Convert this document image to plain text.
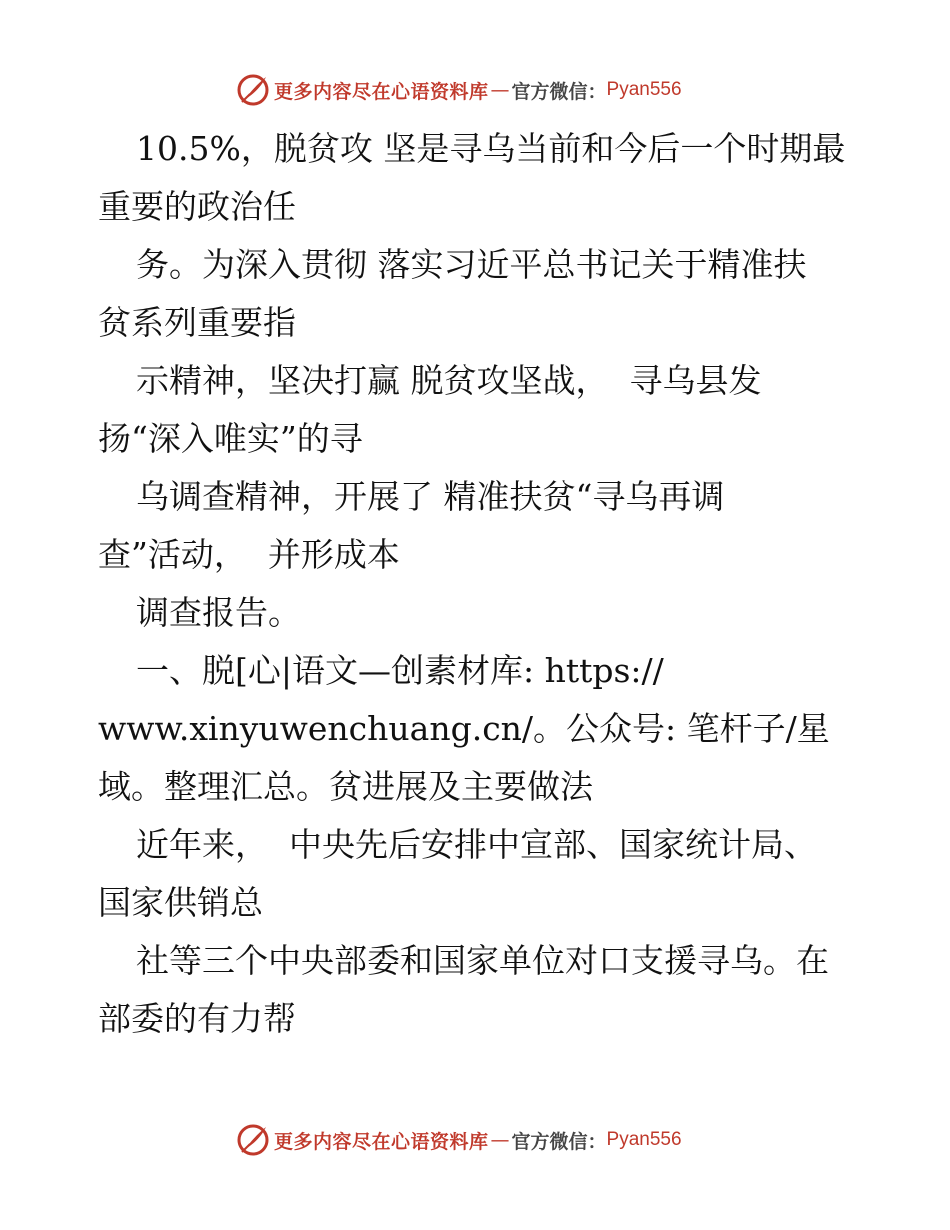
更多内容尽在心语资料库 — 官方微信： Pyan556
10.5%，脱贫攻 坚是寻乌当前和今后一个时期最
重要的政治任
务。为深入贯彻 落实习近平总书记关于精准扶
贫系列重要指
示精神，坚决打赢 脱贫攻坚战，  寻乌县发
扬“深入唯实”的寻
乌调查精神，开展了 精准扶贫“寻乌再调
查”活动，  并形成本
调查报告。
一、脱[心|语文—创素材库: https://
www.xinyuwenchuang.cn/。公众号: 笔杆子/星
域。整理汇总。贫进展及主要做法
近年来，  中央先后安排中宣部、国家统计局、
国家供销总
社等三个中央部委和国家单位对口支援寻乌。在
部委的有力帮
更多内容尽在心语资料库 — 官方微信： Pyan556
